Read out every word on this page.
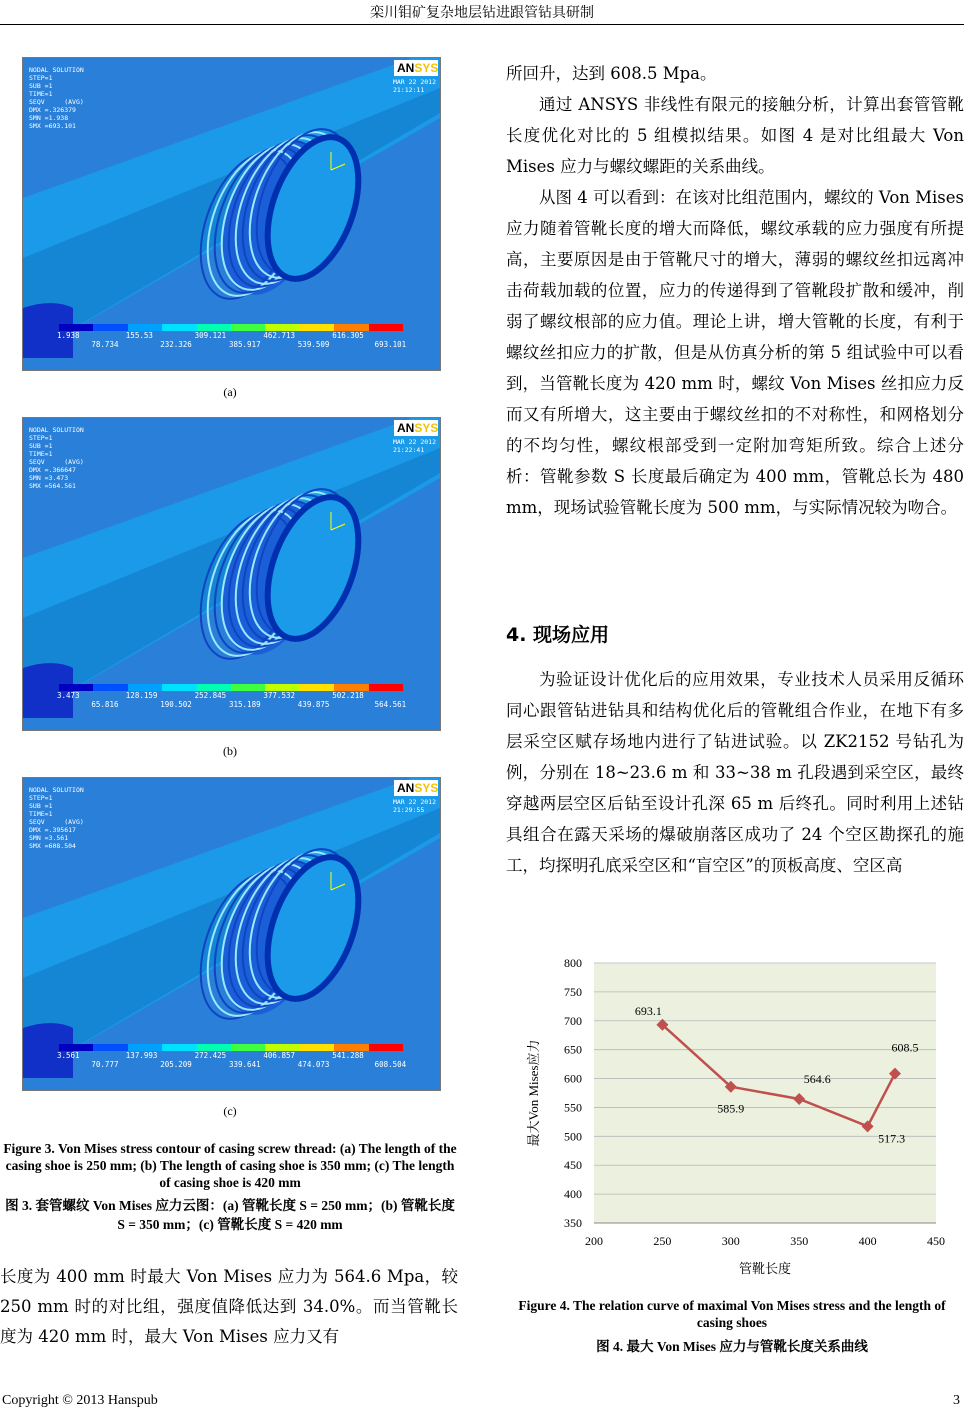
栾川钼矿复杂地层钻进跟管钻具研制
NODAL SOLUTION
STEP=1
SUB =1
TIME=1
SEQV     (AVG)
DMX =.326379
SMN =1.938
SMX =693.101
ANSYS
MAR 22 2012
21:12:11
1.938	155.53	309.121	462.713	616.305
78.734	232.326	385.917	539.509	693.101
(a)
NODAL SOLUTION
STEP=1
SUB =1
TIME=1
SEQV     (AVG)
DMX =.366647
SMN =3.473
SMX =564.561
ANSYS
MAR 22 2012
21:22:41
3.473	128.159	252.845	377.532	502.218
65.816	190.502	315.189	439.875	564.561
(b)
NODAL SOLUTION
STEP=1
SUB =1
TIME=1
SEQV     (AVG)
DMX =.395617
SMN =3.561
SMX =608.504
ANSYS
MAR 22 2012
21:29:55
3.561	137.993	272.425	406.857	541.288
70.777	205.209	339.641	474.073	608.504
(c)
Figure 3. Von Mises stress contour of casing screw thread: (a) The length of the casing shoe is 250 mm; (b) The length of casing shoe is 350 mm; (c) The length of casing shoe is 420 mm
图 3. 套管螺纹 Von Mises 应力云图：(a) 管靴长度 S = 250 mm；(b) 管靴长度 S = 350 mm；(c) 管靴长度 S = 420 mm

长度为 400 mm 时最大 Von Mises 应力为 564.6 Mpa，较 250 mm 时的对比组，强度值降低达到 34.0%。而当管靴长度为 420 mm 时，最大 Von Mises 应力又有

所回升，达到 608.5 Mpa。

通过 ANSYS 非线性有限元的接触分析，计算出套管管靴长度优化对比的 5 组模拟结果。如图 4 是对比组最大 Von Mises 应力与螺纹螺距的关系曲线。

从图 4 可以看到：在该对比组范围内，螺纹的 Von Mises 应力随着管靴长度的增大而降低，螺纹承载的应力强度有所提高，主要原因是由于管靴尺寸的增大，薄弱的螺纹丝扣远离冲击荷载加载的位置，应力的传递得到了管靴段扩散和缓冲，削弱了螺纹根部的应力值。理论上讲，增大管靴的长度，有利于螺纹丝扣应力的扩散，但是从仿真分析的第 5 组试验中可以看到，当管靴长度为 420 mm 时，螺纹 Von Mises 丝扣应力反而又有所增大，这主要由于螺纹丝扣的不对称性，和网格划分的不均匀性，螺纹根部受到一定附加弯矩所致。综合上述分析：管靴参数 S 长度最后确定为 400 mm，管靴总长为 480 mm，现场试验管靴长度为 500 mm，与实际情况较为吻合。

4. 现场应用

为验证设计优化后的应用效果，专业技术人员采用反循环同心跟管钻进钻具和结构优化后的管靴组合作业，在地下有多层采空区赋存场地内进行了钻进试验。以 ZK2152 号钻孔为例，分别在 18~23.6 m 和 33~38 m 孔段遇到采空区，最终穿越两层空区后钻至设计孔深 65 m 后终孔。同时利用上述钻具组合在露天采场的爆破崩落区成功了 24 个空区勘探孔的施工，均探明孔底采空区和“盲空区”的顶板高度、空区高

350
400
450
500
550
600
650
700
750
800
200	250	300	350	400	450
管靴长度
最大Von Mises应力
693.1
585.9
564.6
517.3
608.5
Figure 4. The relation curve of maximal Von Mises stress and the length of casing shoes
图 4. 最大 Von Mises 应力与管靴长度关系曲线
Copyright © 2013 Hanspub	3
